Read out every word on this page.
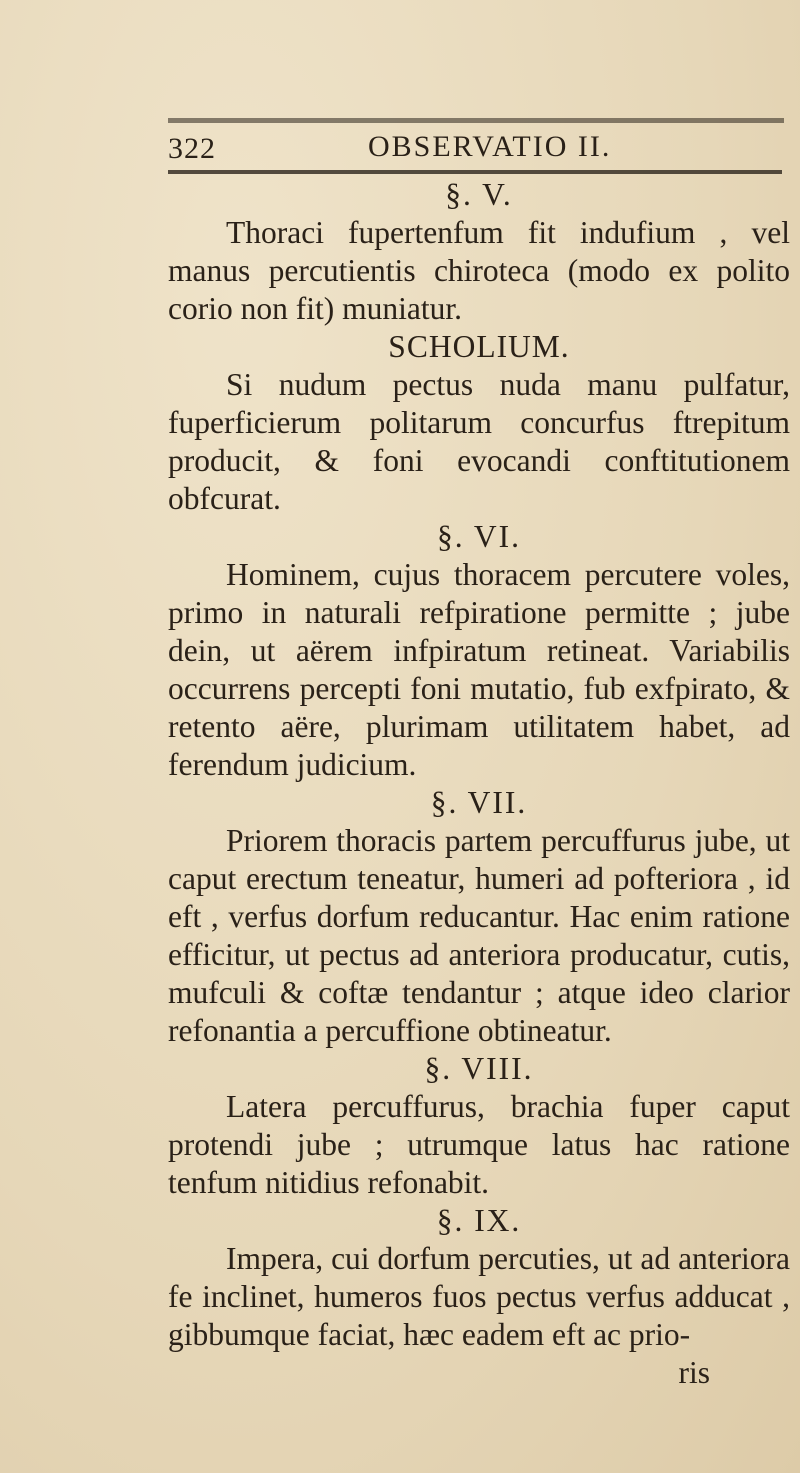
322	OBSERVATIO II.
§. V.

Thoraci fupertenfum fit indufium , vel manus percutientis chiroteca (modo ex polito corio non fit) muniatur.

SCHOLIUM.

Si nudum pectus nuda manu pulfatur, fuperficierum politarum concurfus ftrepitum producit, & foni evocandi conftitutionem obfcurat.

§. VI.

Hominem, cujus thoracem percutere voles, primo in naturali refpiratione permitte ; jube dein, ut aërem infpiratum retineat. Variabilis occurrens percepti foni mutatio, fub exfpirato, & retento aëre, plurimam utilitatem habet, ad ferendum judicium.

§. VII.

Priorem thoracis partem percuffurus jube, ut caput erectum teneatur, humeri ad pofteriora , id eft , verfus dorfum reducantur. Hac enim ratione efficitur, ut pectus ad anteriora producatur, cutis, mufculi & coftæ tendantur ; atque ideo clarior refonantia a percuffione obtineatur.

§. VIII.

Latera percuffurus, brachia fuper caput protendi jube ; utrumque latus hac ratione tenfum nitidius refonabit.

§. IX.

Impera, cui dorfum percuties, ut ad anteriora fe inclinet, humeros fuos pectus verfus adducat , gibbumque faciat, hæc eadem eft ac prio-

ris
